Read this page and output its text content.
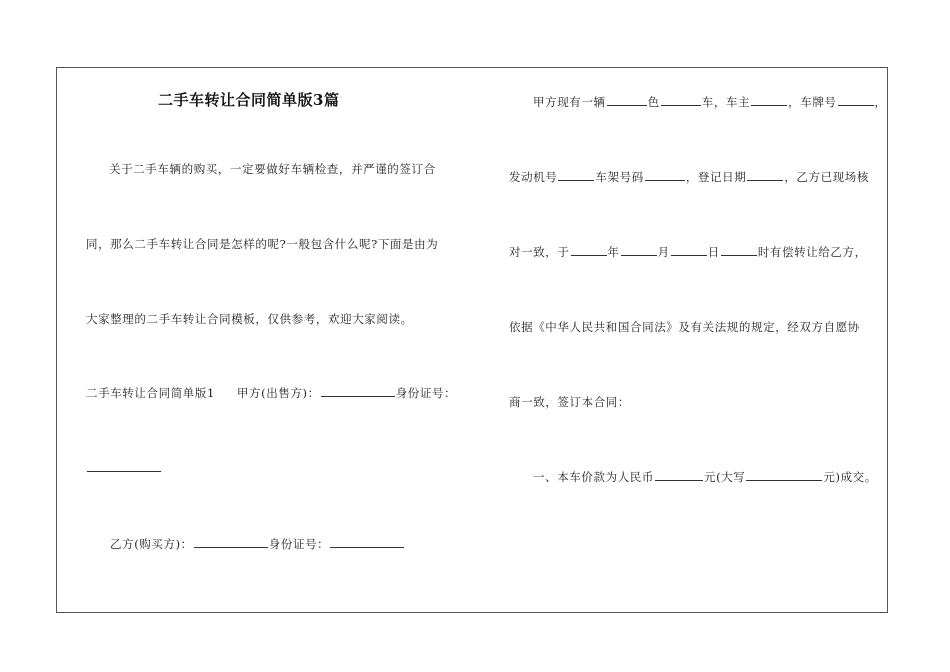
二手车转让合同简单版3篇
关于二手车辆的购买，一定要做好车辆检查，并严谨的签订合
同，那么二手车转让合同是怎样的呢?一般包含什么呢?下面是由为
大家整理的二手车转让合同模板，仅供参考，欢迎大家阅读。
二手车转让合同简单版1 甲方(出售方)：	身份证号：
乙方(购买方)：	身份证号：
甲方现有一辆	色	车，车主	，车牌号	，
发动机号	车架号码	，登记日期	，乙方已现场核
对一致，于	年	月	日	时有偿转让给乙方，
依据《中华人民共和国合同法》及有关法规的规定，经双方自愿协
商一致，签订本合同：
一、本车价款为人民币	元(大写	元)成交。
